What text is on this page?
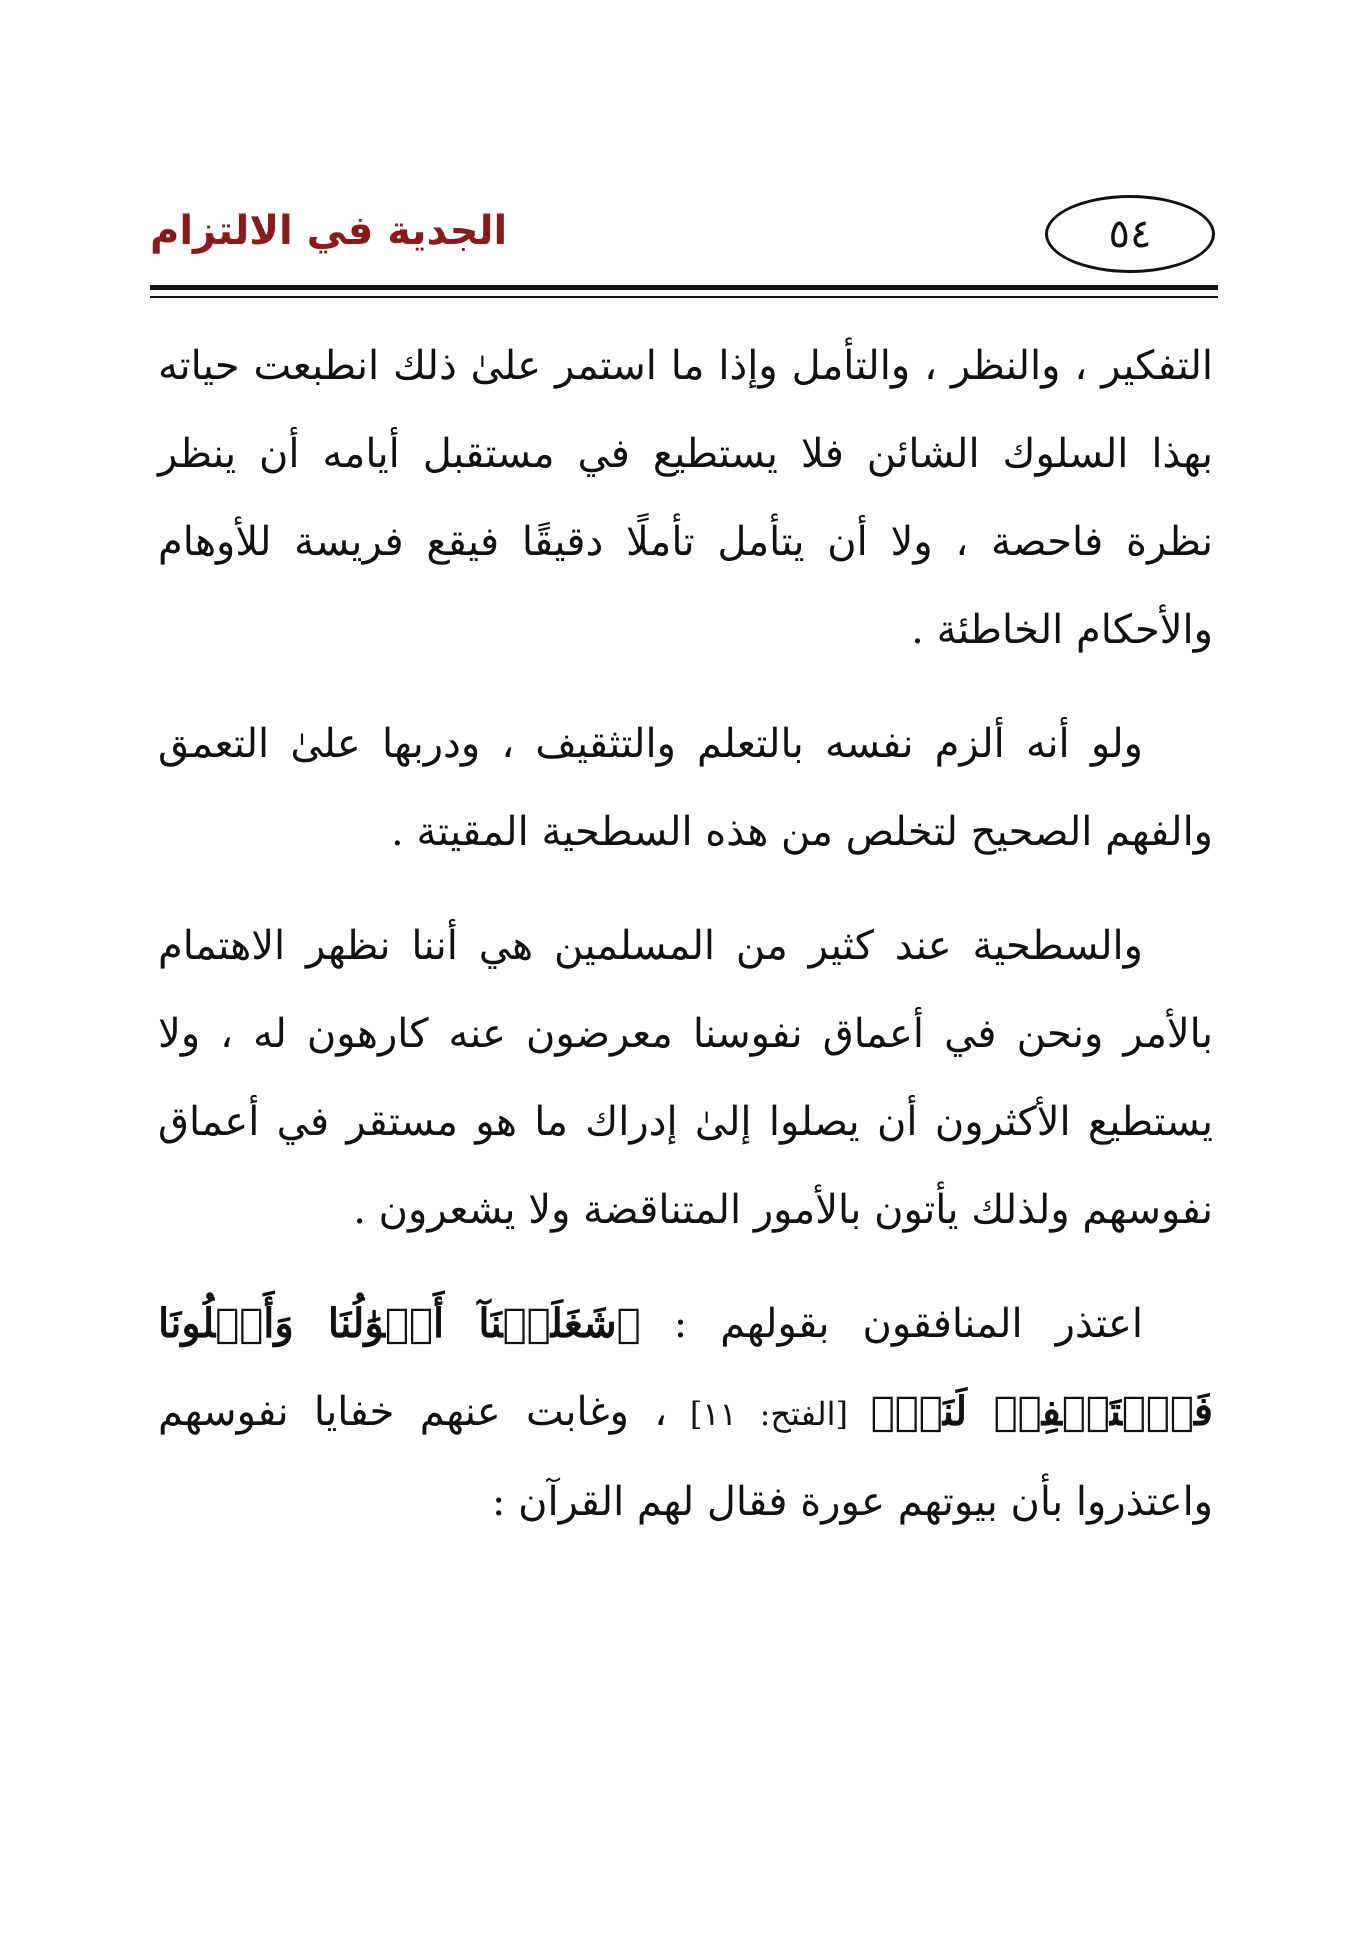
الجدية في الالتزام	٥٤

التفكير ، والنظر ، والتأمل وإذا ما استمر علىٰ ذلك انطبعت حياته بهذا السلوك الشائن فلا يستطيع في مستقبل أيامه أن ينظر نظرة فاحصة ، ولا أن يتأمل تأملًا دقيقًا فيقع فريسة للأوهام والأحكام الخاطئة .

ولو أنه ألزم نفسه بالتعلم والتثقيف ، ودربها علىٰ التعمق والفهم الصحيح لتخلص من هذه السطحية المقيتة .

والسطحية عند كثير من المسلمين هي أننا نظهر الاهتمام بالأمر ونحن في أعماق نفوسنا معرضون عنه كارهون له ، ولا يستطيع الأكثرون أن يصلوا إلىٰ إدراك ما هو مستقر في أعماق نفوسهم ولذلك يأتون بالأمور المتناقضة ولا يشعرون .

اعتذر المنافقون بقولهم : ﴿شَغَلَتۡنَآ أَمۡوَٰلُنَا وَأَهۡلُونَا فَٱسۡتَغۡفِرۡ لَنَاۚ﴾ [الفتح: ١١] ، وغابت عنهم خفايا نفوسهم واعتذروا بأن بيوتهم عورة فقال لهم القرآن :
